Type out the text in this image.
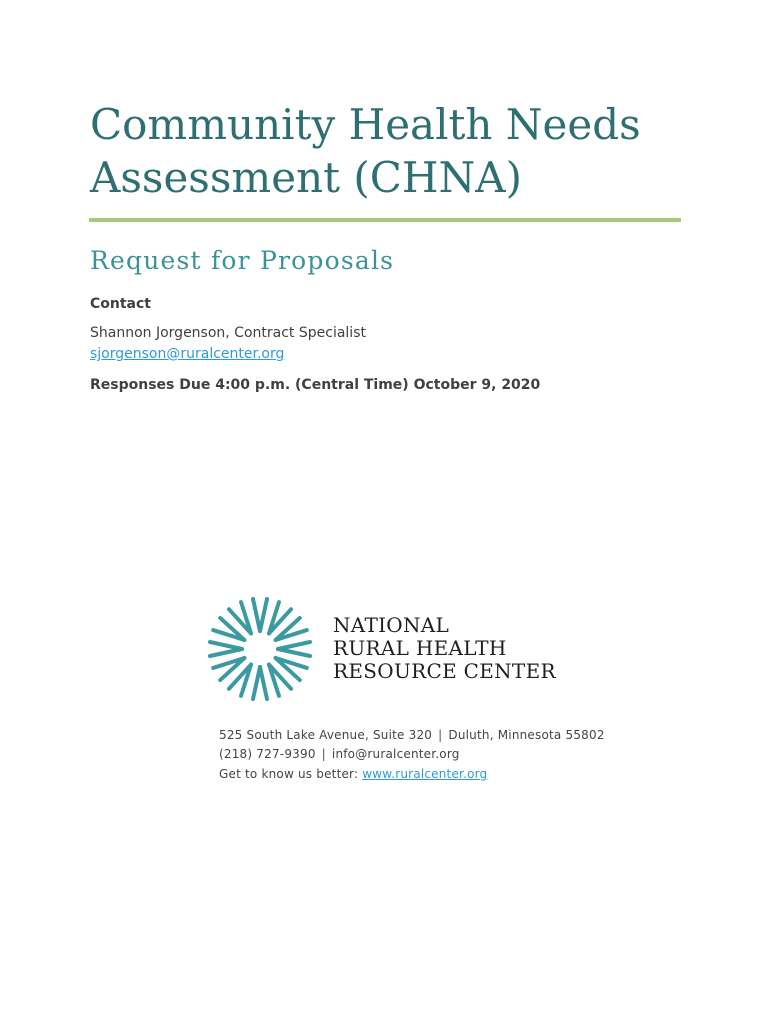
Community Health Needs
Assessment (CHNA)
Request for Proposals
Contact
Shannon Jorgenson, Contract Specialist
sjorgenson@ruralcenter.org
Responses Due 4:00 p.m. (Central Time) October 9, 2020
NATIONAL
RURAL HEALTH
RESOURCE CENTER
525 South Lake Avenue, Suite 320 | Duluth, Minnesota 55802
(218) 727-9390 | info@ruralcenter.org
Get to know us better: www.ruralcenter.org
